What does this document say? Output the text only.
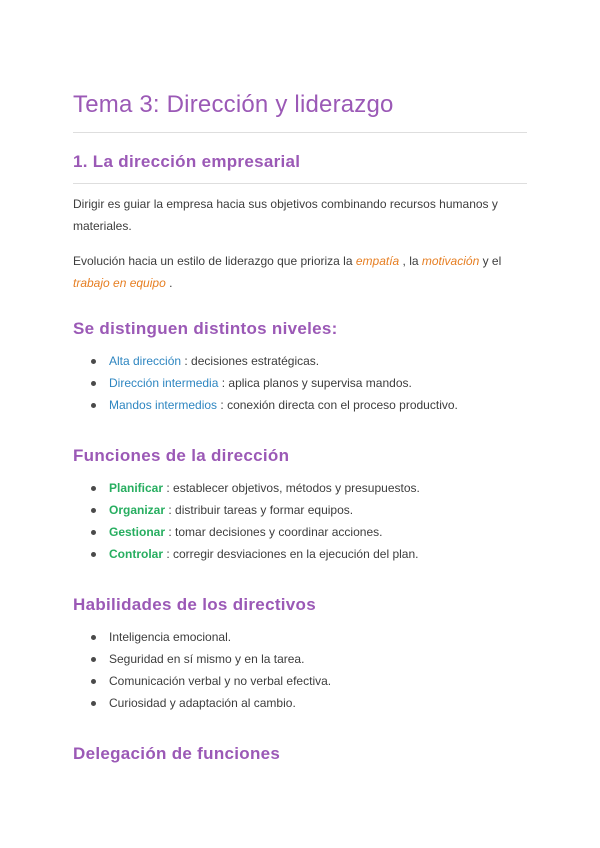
Tema 3: Dirección y liderazgo
1. La dirección empresarial

Dirigir es guiar la empresa hacia sus objetivos combinando recursos humanos y materiales.

Evolución hacia un estilo de liderazgo que prioriza la empatía , la motivación y el trabajo en equipo .

Se distinguen distintos niveles:
Alta dirección : decisiones estratégicas.
Dirección intermedia : aplica planos y supervisa mandos.
Mandos intermedios : conexión directa con el proceso productivo.
Funciones de la dirección
Planificar : establecer objetivos, métodos y presupuestos.
Organizar : distribuir tareas y formar equipos.
Gestionar : tomar decisiones y coordinar acciones.
Controlar : corregir desviaciones en la ejecución del plan.
Habilidades de los directivos
Inteligencia emocional.
Seguridad en sí mismo y en la tarea.
Comunicación verbal y no verbal efectiva.
Curiosidad y adaptación al cambio.
Delegación de funciones
